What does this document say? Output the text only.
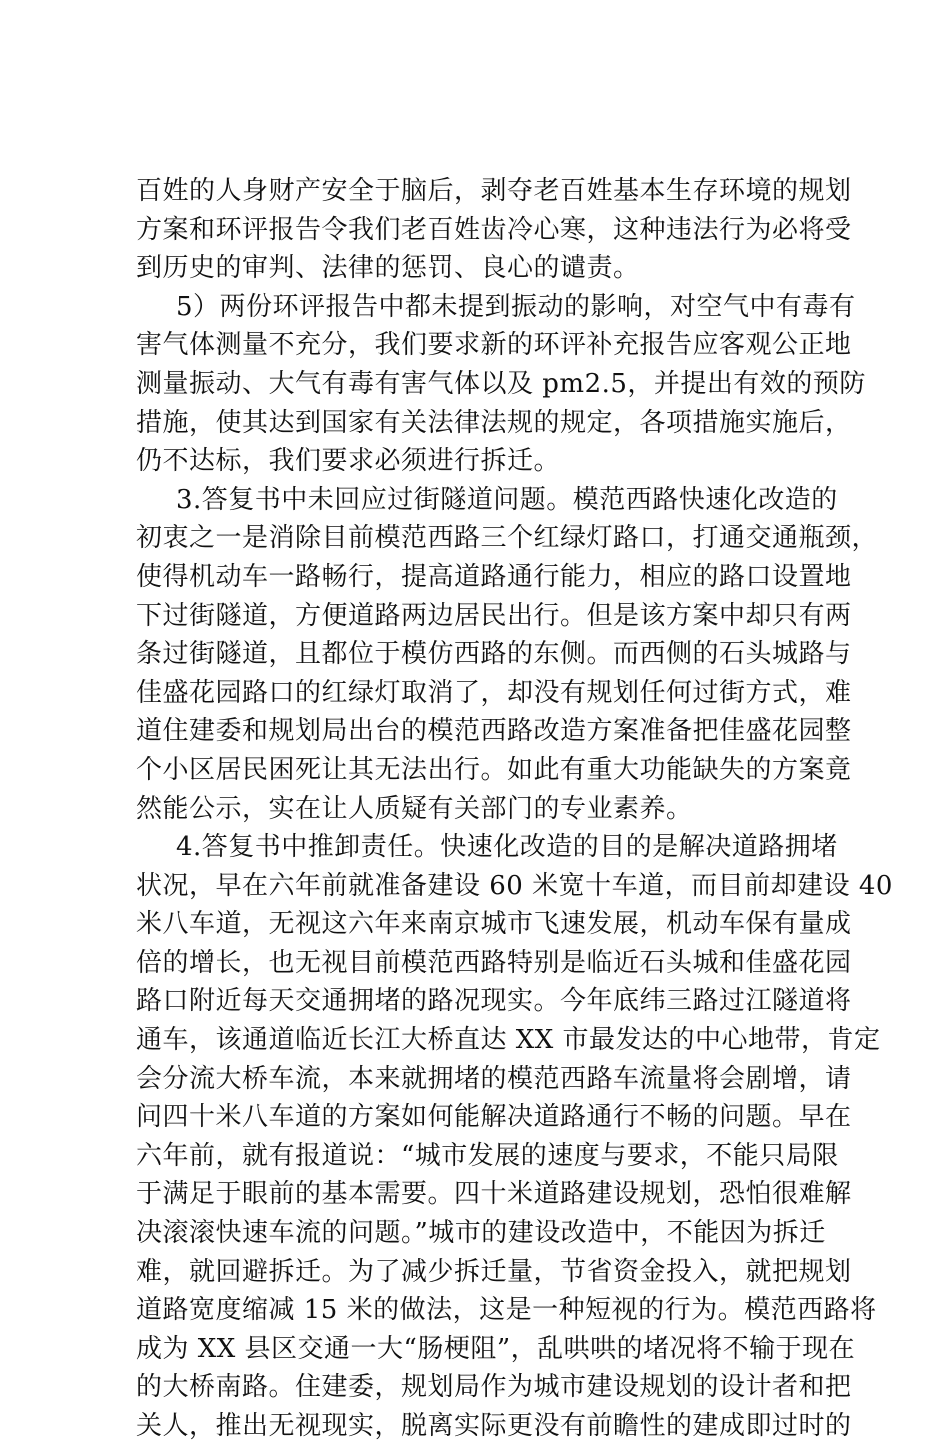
百姓的人身财产安全于脑后，剥夺老百姓基本生存环境的规划
方案和环评报告令我们老百姓齿冷心寒，这种违法行为必将受
到历史的审判、法律的惩罚、良心的谴责。
5）两份环评报告中都未提到振动的影响，对空气中有毒有
害气体测量不充分，我们要求新的环评补充报告应客观公正地
测量振动、大气有毒有害气体以及 pm2.5，并提出有效的预防
措施，使其达到国家有关法律法规的规定，各项措施实施后，
仍不达标，我们要求必须进行拆迁。
3.答复书中未回应过街隧道问题。模范西路快速化改造的
初衷之一是消除目前模范西路三个红绿灯路口，打通交通瓶颈，
使得机动车一路畅行，提高道路通行能力，相应的路口设置地
下过街隧道，方便道路两边居民出行。但是该方案中却只有两
条过街隧道，且都位于模仿西路的东侧。而西侧的石头城路与
佳盛花园路口的红绿灯取消了，却没有规划任何过街方式，难
道住建委和规划局出台的模范西路改造方案准备把佳盛花园整
个小区居民困死让其无法出行。如此有重大功能缺失的方案竟
然能公示，实在让人质疑有关部门的专业素养。
4.答复书中推卸责任。快速化改造的目的是解决道路拥堵
状况，早在六年前就准备建设 60 米宽十车道，而目前却建设 40
米八车道，无视这六年来南京城市飞速发展，机动车保有量成
倍的增长，也无视目前模范西路特别是临近石头城和佳盛花园
路口附近每天交通拥堵的路况现实。今年底纬三路过江隧道将
通车，该通道临近长江大桥直达 XX 市最发达的中心地带，肯定
会分流大桥车流，本来就拥堵的模范西路车流量将会剧增，请
问四十米八车道的方案如何能解决道路通行不畅的问题。早在
六年前，就有报道说：“城市发展的速度与要求，不能只局限
于满足于眼前的基本需要。四十米道路建设规划，恐怕很难解
决滚滚快速车流的问题。”城市的建设改造中，不能因为拆迁
难，就回避拆迁。为了减少拆迁量，节省资金投入，就把规划
道路宽度缩减 15 米的做法，这是一种短视的行为。模范西路将
成为 XX 县区交通一大“肠梗阻”，乱哄哄的堵况将不输于现在
的大桥南路。住建委，规划局作为城市建设规划的设计者和把
关人，推出无视现实，脱离实际更没有前瞻性的建成即过时的
